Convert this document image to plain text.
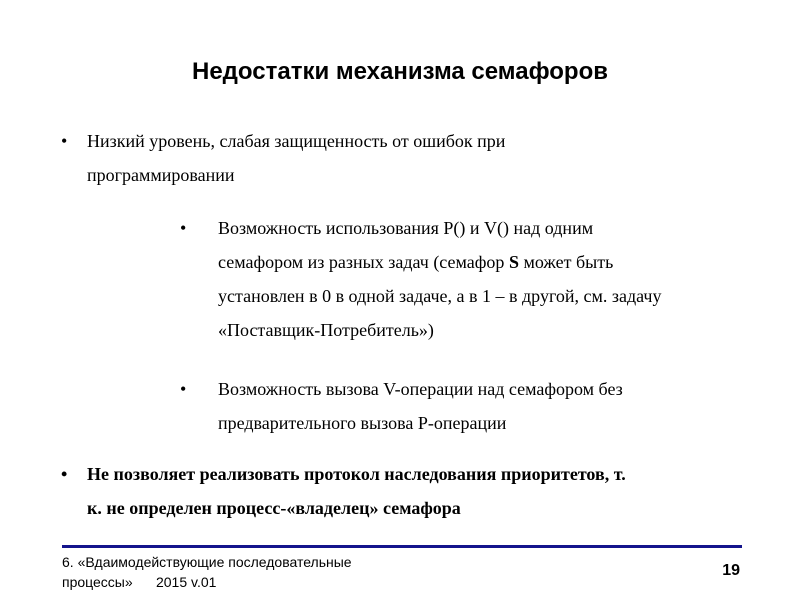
Недостатки механизма семафоров
• Низкий уровень, слабая защищенность от ошибок при
программировании
• Возможность использования P() и V() над одним
семафором из разных задач (семафор S может быть
установлен в 0 в одной задаче, а в 1 – в другой, см. задачу
«Поставщик-Потребитель»)
• Возможность вызова V-операции над семафором без
предварительного вызова P-операции
• Не позволяет реализовать протокол наследования приоритетов, т.
к. не определен процесс-«владелец» семафора
6. «Вдаимодействующие последовательные
процессы»      2015 v.01
19
